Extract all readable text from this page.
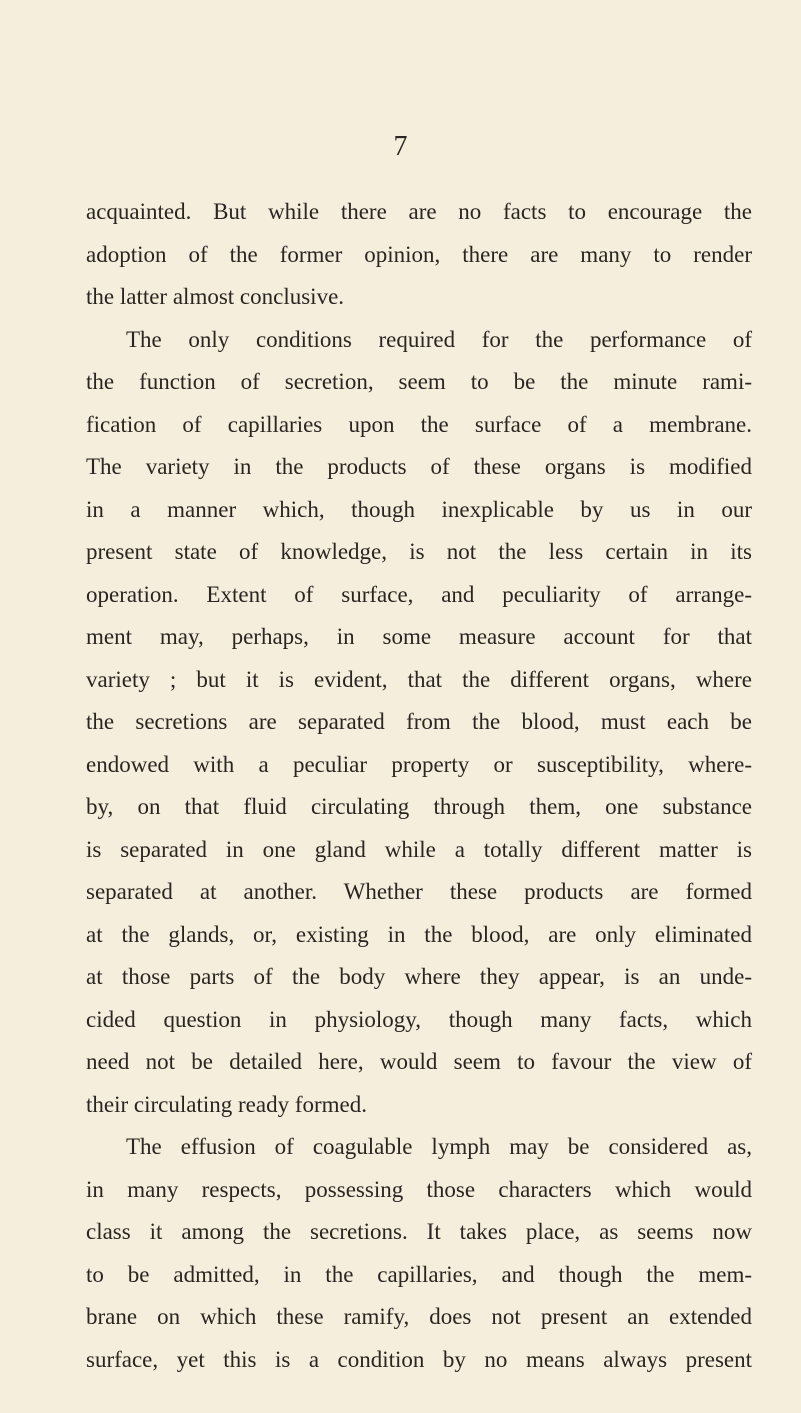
7
acquainted. But while there are no facts to encourage the
adoption of the former opinion, there are many to render
the latter almost conclusive.
The only conditions required for the performance of
the function of secretion, seem to be the minute rami-
fication of capillaries upon the surface of a membrane.
The variety in the products of these organs is modified
in a manner which, though inexplicable by us in our
present state of knowledge, is not the less certain in its
operation. Extent of surface, and peculiarity of arrange-
ment may, perhaps, in some measure account for that
variety ; but it is evident, that the different organs, where
the secretions are separated from the blood, must each be
endowed with a peculiar property or susceptibility, where-
by, on that fluid circulating through them, one substance
is separated in one gland while a totally different matter is
separated at another. Whether these products are formed
at the glands, or, existing in the blood, are only eliminated
at those parts of the body where they appear, is an unde-
cided question in physiology, though many facts, which
need not be detailed here, would seem to favour the view of
their circulating ready formed.
The effusion of coagulable lymph may be considered as,
in many respects, possessing those characters which would
class it among the secretions. It takes place, as seems now
to be admitted, in the capillaries, and though the mem-
brane on which these ramify, does not present an extended
surface, yet this is a condition by no means always present
